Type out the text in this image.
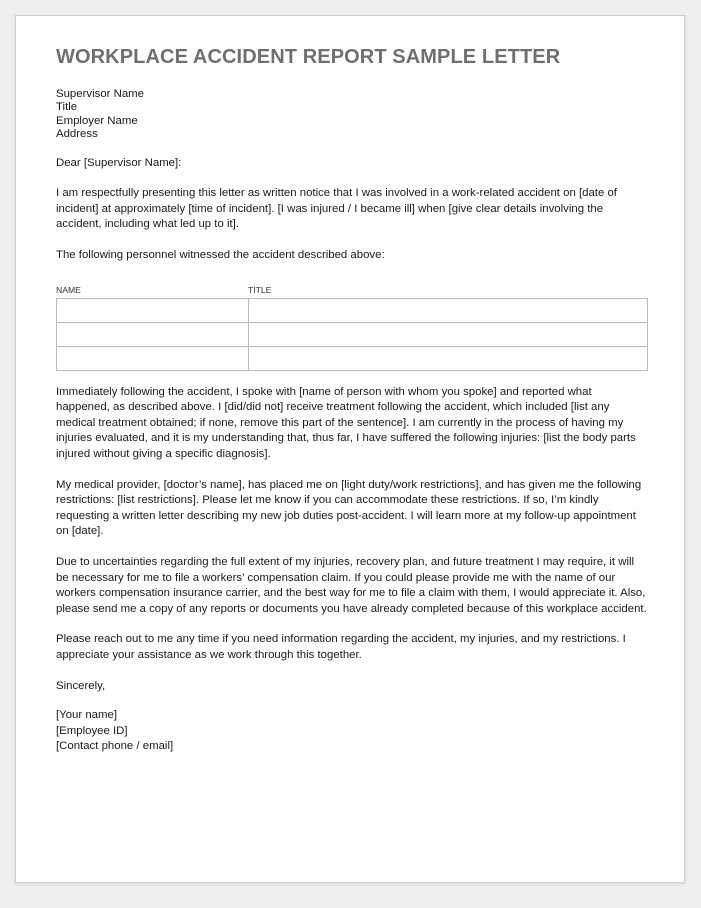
WORKPLACE ACCIDENT REPORT SAMPLE LETTER
Supervisor Name
Title
Employer Name
Address

Dear [Supervisor Name]:

I am respectfully presenting this letter as written notice that I was involved in a work-related accident on [date of incident] at approximately [time of incident]. [I was injured / I became ill] when [give clear details involving the accident, including what led up to it].

The following personnel witnessed the accident described above:

NAME	TITLE

Immediately following the accident, I spoke with [name of person with whom you spoke] and reported what happened, as described above. I [did/did not] receive treatment following the accident, which included [list any medical treatment obtained; if none, remove this part of the sentence]. I am currently in the process of having my injuries evaluated, and it is my understanding that, thus far, I have suffered the following injuries: [list the body parts injured without giving a specific diagnosis].

My medical provider, [doctor’s name], has placed me on [light duty/work restrictions], and has given me the following restrictions: [list restrictions]. Please let me know if you can accommodate these restrictions. If so, I’m kindly requesting a written letter describing my new job duties post-accident. I will learn more at my follow-up appointment on [date].

Due to uncertainties regarding the full extent of my injuries, recovery plan, and future treatment I may require, it will be necessary for me to file a workers’ compensation claim. If you could please provide me with the name of our workers compensation insurance carrier, and the best way for me to file a claim with them, I would appreciate it. Also, please send me a copy of any reports or documents you have already completed because of this workplace accident.

Please reach out to me any time if you need information regarding the accident, my injuries, and my restrictions. I appreciate your assistance as we work through this together.

Sincerely,

[Your name]
[Employee ID]
[Contact phone / email]
